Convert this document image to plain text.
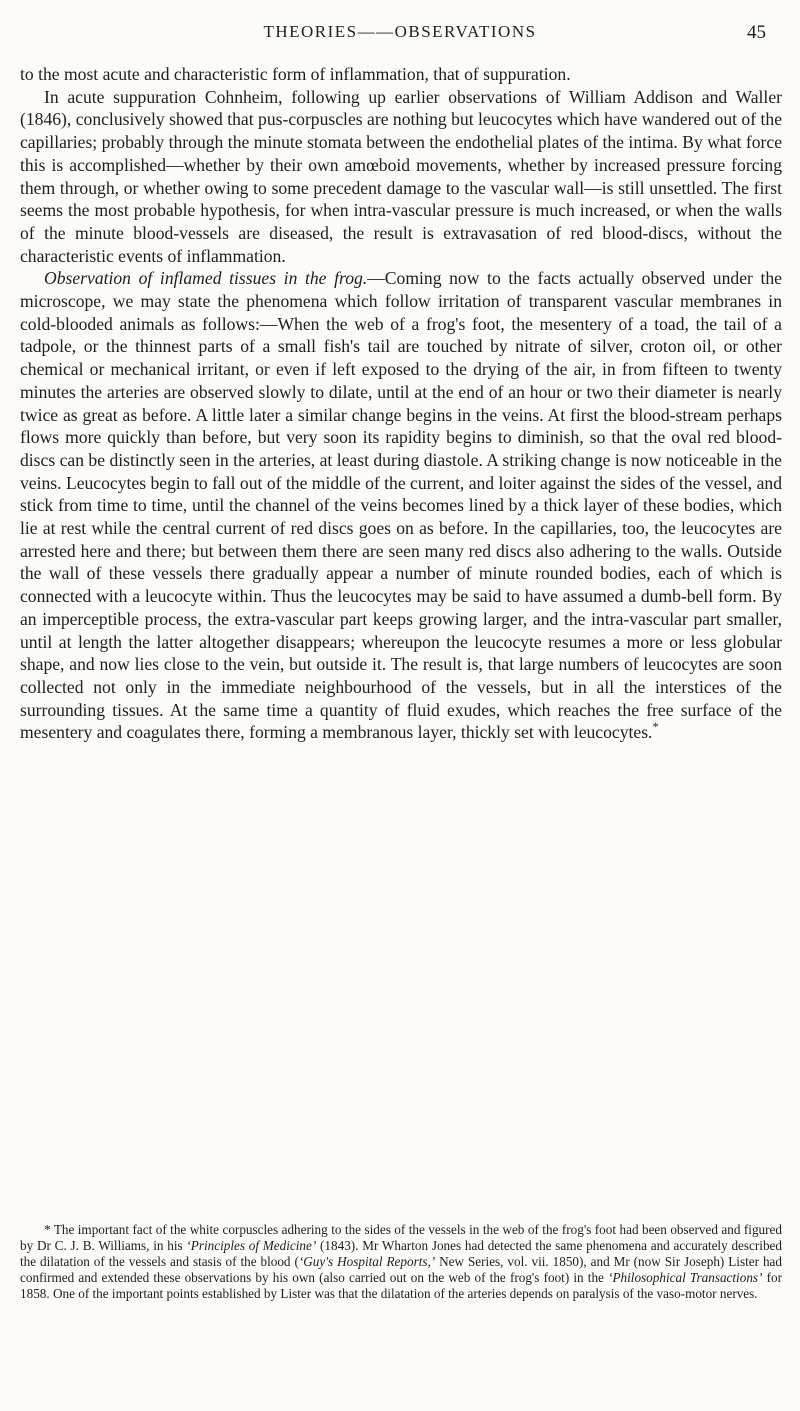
THEORIES——OBSERVATIONS	45

to the most acute and characteristic form of inflammation, that of suppuration.

In acute suppuration Cohnheim, following up earlier observations of William Addison and Waller (1846), conclusively showed that pus-corpuscles are nothing but leucocytes which have wandered out of the capillaries; probably through the minute stomata between the endothelial plates of the intima. By what force this is accomplished—whether by their own amœboid movements, whether by increased pressure forcing them through, or whether owing to some precedent damage to the vascular wall—is still unsettled. The first seems the most probable hypothesis, for when intra-vascular pressure is much increased, or when the walls of the minute blood-vessels are diseased, the result is extravasation of red blood-discs, without the characteristic events of inflammation.

Observation of inflamed tissues in the frog.—Coming now to the facts actually observed under the microscope, we may state the phenomena which follow irritation of transparent vascular membranes in cold-blooded animals as follows:—When the web of a frog's foot, the mesentery of a toad, the tail of a tadpole, or the thinnest parts of a small fish's tail are touched by nitrate of silver, croton oil, or other chemical or mechanical irritant, or even if left exposed to the drying of the air, in from fifteen to twenty minutes the arteries are observed slowly to dilate, until at the end of an hour or two their diameter is nearly twice as great as before. A little later a similar change begins in the veins. At first the blood-stream perhaps flows more quickly than before, but very soon its rapidity begins to diminish, so that the oval red blood-discs can be distinctly seen in the arteries, at least during diastole. A striking change is now noticeable in the veins. Leucocytes begin to fall out of the middle of the current, and loiter against the sides of the vessel, and stick from time to time, until the channel of the veins becomes lined by a thick layer of these bodies, which lie at rest while the central current of red discs goes on as before. In the capillaries, too, the leucocytes are arrested here and there; but between them there are seen many red discs also adhering to the walls. Outside the wall of these vessels there gradually appear a number of minute rounded bodies, each of which is connected with a leucocyte within. Thus the leucocytes may be said to have assumed a dumb-bell form. By an imperceptible process, the extra-vascular part keeps growing larger, and the intra-vascular part smaller, until at length the latter altogether disappears; whereupon the leucocyte resumes a more or less globular shape, and now lies close to the vein, but outside it. The result is, that large numbers of leucocytes are soon collected not only in the immediate neighbourhood of the vessels, but in all the interstices of the surrounding tissues. At the same time a quantity of fluid exudes, which reaches the free surface of the mesentery and coagulates there, forming a membranous layer, thickly set with leucocytes.*

* The important fact of the white corpuscles adhering to the sides of the vessels in the web of the frog's foot had been observed and figured by Dr C. J. B. Williams, in his ‘Principles of Medicine’ (1843). Mr Wharton Jones had detected the same phenomena and accurately described the dilatation of the vessels and stasis of the blood (‘Guy's Hospital Reports,’ New Series, vol. vii. 1850), and Mr (now Sir Joseph) Lister had confirmed and extended these observations by his own (also carried out on the web of the frog's foot) in the ‘Philosophical Transactions’ for 1858. One of the important points established by Lister was that the dilatation of the arteries depends on paralysis of the vaso-motor nerves.
